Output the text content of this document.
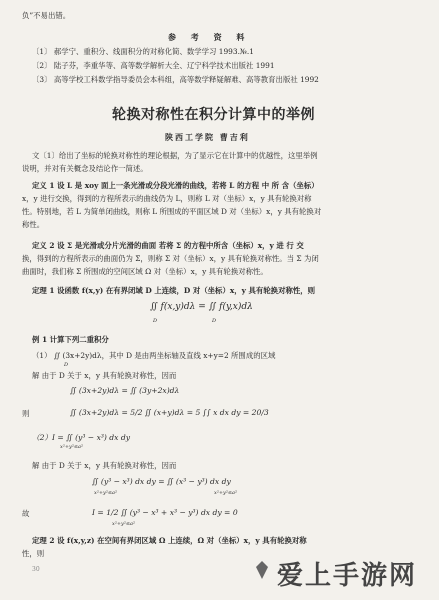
负”不易出错。
参 考 资 料
〔1〕 郝学宁、重积分、线面积分的对称化简、数学学习 1993.№.1
〔2〕 陆子芬，李重华等、高等数学解析大全、辽宁科学技术出版社 1991
〔3〕 高等学校工科数学指导委员会本科组，高等数学释疑解难、高等教育出版社 1992
轮换对称性在积分计算中的举例
陕西工学院 曹吉利
文〔1〕给出了坐标的轮换对称性的理论根据，为了显示它在计算中的优越性，这里举例
说明，并对有关概念及结论作一简述。
定义 1 设 L 是 xoy 面上一条光滑或分段光滑的曲线，若将 L 的方程 中 所 含（坐标）
x，y 进行交换，得到的方程所表示的曲线仍为 L，则称 L 对（坐标）x，y 具有轮换对称
性。特别地，若 L 为简单闭曲线，则称 L 所围成的平面区域 D 对（坐标）x，y 具有轮换对
称性。
定义 2 设 Σ 是光滑或分片光滑的曲面 若将 Σ 的方程中所含（坐标）x，y 进 行 交
换，得到的方程所表示的曲面仍为 Σ，则称 Σ 对（坐标）x，y 具有轮换对称性。当 Σ 为闭
曲面时，我们称 Σ 所围成的空间区域 Ω 对（坐标）x，y 具有轮换对称性。
定理 1 设函数 f(x,y) 在有界闭域 D 上连续，D 对（坐标）x，y 具有轮换对称性，则
∬ f(x,y)dλ = ∬ f(y,x)dλ
D	D
例 1 计算下列二重积分
（1） ∬ (3x+2y)dλ，其中 D 是由两坐标轴及直线 x+y=2 所围成的区域
D
解 由于 D 关于 x，y 具有轮换对称性，因而
∬ (3x+2y)dλ = ∬ (3y+2x)dλ
则	∬ (3x+2y)dλ = 5/2 ∬ (x+y)dλ = 5 ∫∫ x dx dy = 20/3
（2）I = ∬ (y³ − x³) dx dy
x²+y²≤a²
解 由于 D 关于 x，y 具有轮换对称性，因而
∬ (y³ − x³) dx dy = ∬ (x³ − y³) dx dy
x²+y²≤a²	x²+y²≤a²
故	I = 1/2 ∬ (y³ − x³ + x³ − y³) dx dy = 0
x²+y²≤a²
定理 2 设 f(x,y,z) 在空间有界闭区域 Ω 上连续，Ω 对（坐标）x，y 具有轮换对称
性，则
30	爱上手游网
